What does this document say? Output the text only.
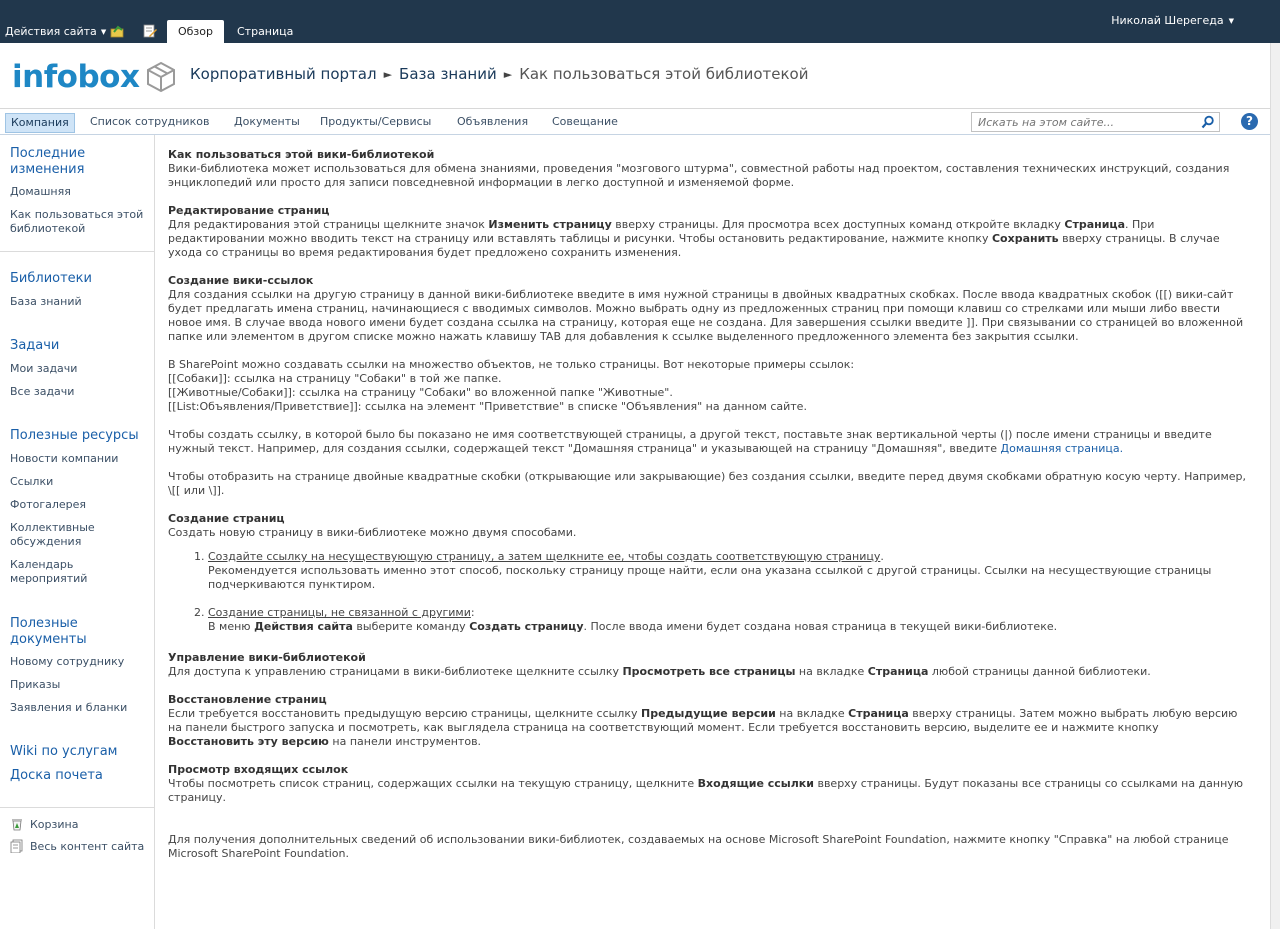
Действия сайта ▼	Обзор	Страница
Николай Шерегеда ▼
infobox	Корпоративный портал ► База знаний ► Как пользоваться этой библиотекой
Компания	Список сотрудников	Документы	Продукты/Сервисы	Объявления	Совещание
Искать на этом сайте...	?
Последние изменения
Домашняя
Как пользоваться этой библиотекой
Библиотеки
База знаний
Задачи
Мои задачи
Все задачи
Полезные ресурсы
Новости компании
Ссылки
Фотогалерея
Коллективные обсуждения
Календарь мероприятий
Полезные документы
Новому сотруднику
Приказы
Заявления и бланки
Wiki по услугам
Доска почета
Корзина
Весь контент сайта

Как пользоваться этой вики-библиотекой

Вики-библиотека может использоваться для обмена знаниями, проведения "мозгового штурма", совместной работы над проектом, составления технических инструкций, создания энциклопедий или просто для записи повседневной информации в легко доступной и изменяемой форме.

Редактирование страниц

Для редактирования этой страницы щелкните значок Изменить страницу вверху страницы. Для просмотра всех доступных команд откройте вкладку Страница. При редактировании можно вводить текст на страницу или вставлять таблицы и рисунки. Чтобы остановить редактирование, нажмите кнопку Сохранить вверху страницы. В случае ухода со страницы во время редактирования будет предложено сохранить изменения.

Создание вики-ссылок

Для создания ссылки на другую страницу в данной вики-библиотеке введите в имя нужной страницы в двойных квадратных скобках. После ввода квадратных скобок ([[) вики-сайт будет предлагать имена страниц, начинающиеся с вводимых символов. Можно выбрать одну из предложенных страниц при помощи клавиш со стрелками или мыши либо ввести новое имя. В случае ввода нового имени будет создана ссылка на страницу, которая еще не создана. Для завершения ссылки введите ]]. При связывании со страницей во вложенной папке или элементом в другом списке можно нажать клавишу TAB для добавления к ссылке выделенного предложенного элемента без закрытия ссылки.

В SharePoint можно создавать ссылки на множество объектов, не только страницы. Вот некоторые примеры ссылок:

[[Собаки]]: ссылка на страницу "Собаки" в той же папке.

[[Животные/Собаки]]: ссылка на страницу "Собаки" во вложенной папке "Животные".

[[List:Объявления/Приветствие]]: ссылка на элемент "Приветствие" в списке "Объявления" на данном сайте.

Чтобы создать ссылку, в которой было бы показано не имя соответствующей страницы, а другой текст, поставьте знак вертикальной черты (|) после имени страницы и введите нужный текст. Например, для создания ссылки, содержащей текст "Домашняя страница" и указывающей на страницу "Домашняя", введите Домашняя страница.

Чтобы отобразить на странице двойные квадратные скобки (открывающие или закрывающие) без создания ссылки, введите перед двумя скобками обратную косую черту. Например, \[[ или \]].

Создание страниц

Создать новую страницу в вики-библиотеке можно двумя способами.

1. Создайте ссылку на несуществующую страницу, а затем щелкните ее, чтобы создать соответствующую страницу.
Рекомендуется использовать именно этот способ, поскольку страницу проще найти, если она указана ссылкой с другой страницы. Ссылки на несуществующие страницы подчеркиваются пунктиром.
2. Создание страницы, не связанной с другими:
В меню Действия сайта выберите команду Создать страницу. После ввода имени будет создана новая страница в текущей вики-библиотеке.

Управление вики-библиотекой

Для доступа к управлению страницами в вики-библиотеке щелкните ссылку Просмотреть все страницы на вкладке Страница любой страницы данной библиотеки.

Восстановление страниц

Если требуется восстановить предыдущую версию страницы, щелкните ссылку Предыдущие версии на вкладке Страница вверху страницы. Затем можно выбрать любую версию на панели быстрого запуска и посмотреть, как выглядела страница на соответствующий момент. Если требуется восстановить версию, выделите ее и нажмите кнопку Восстановить эту версию на панели инструментов.

Просмотр входящих ссылок

Чтобы посмотреть список страниц, содержащих ссылки на текущую страницу, щелкните Входящие ссылки вверху страницы. Будут показаны все страницы со ссылками на данную страницу.

Для получения дополнительных сведений об использовании вики-библиотек, создаваемых на основе Microsoft SharePoint Foundation, нажмите кнопку "Справка" на любой странице Microsoft SharePoint Foundation.
